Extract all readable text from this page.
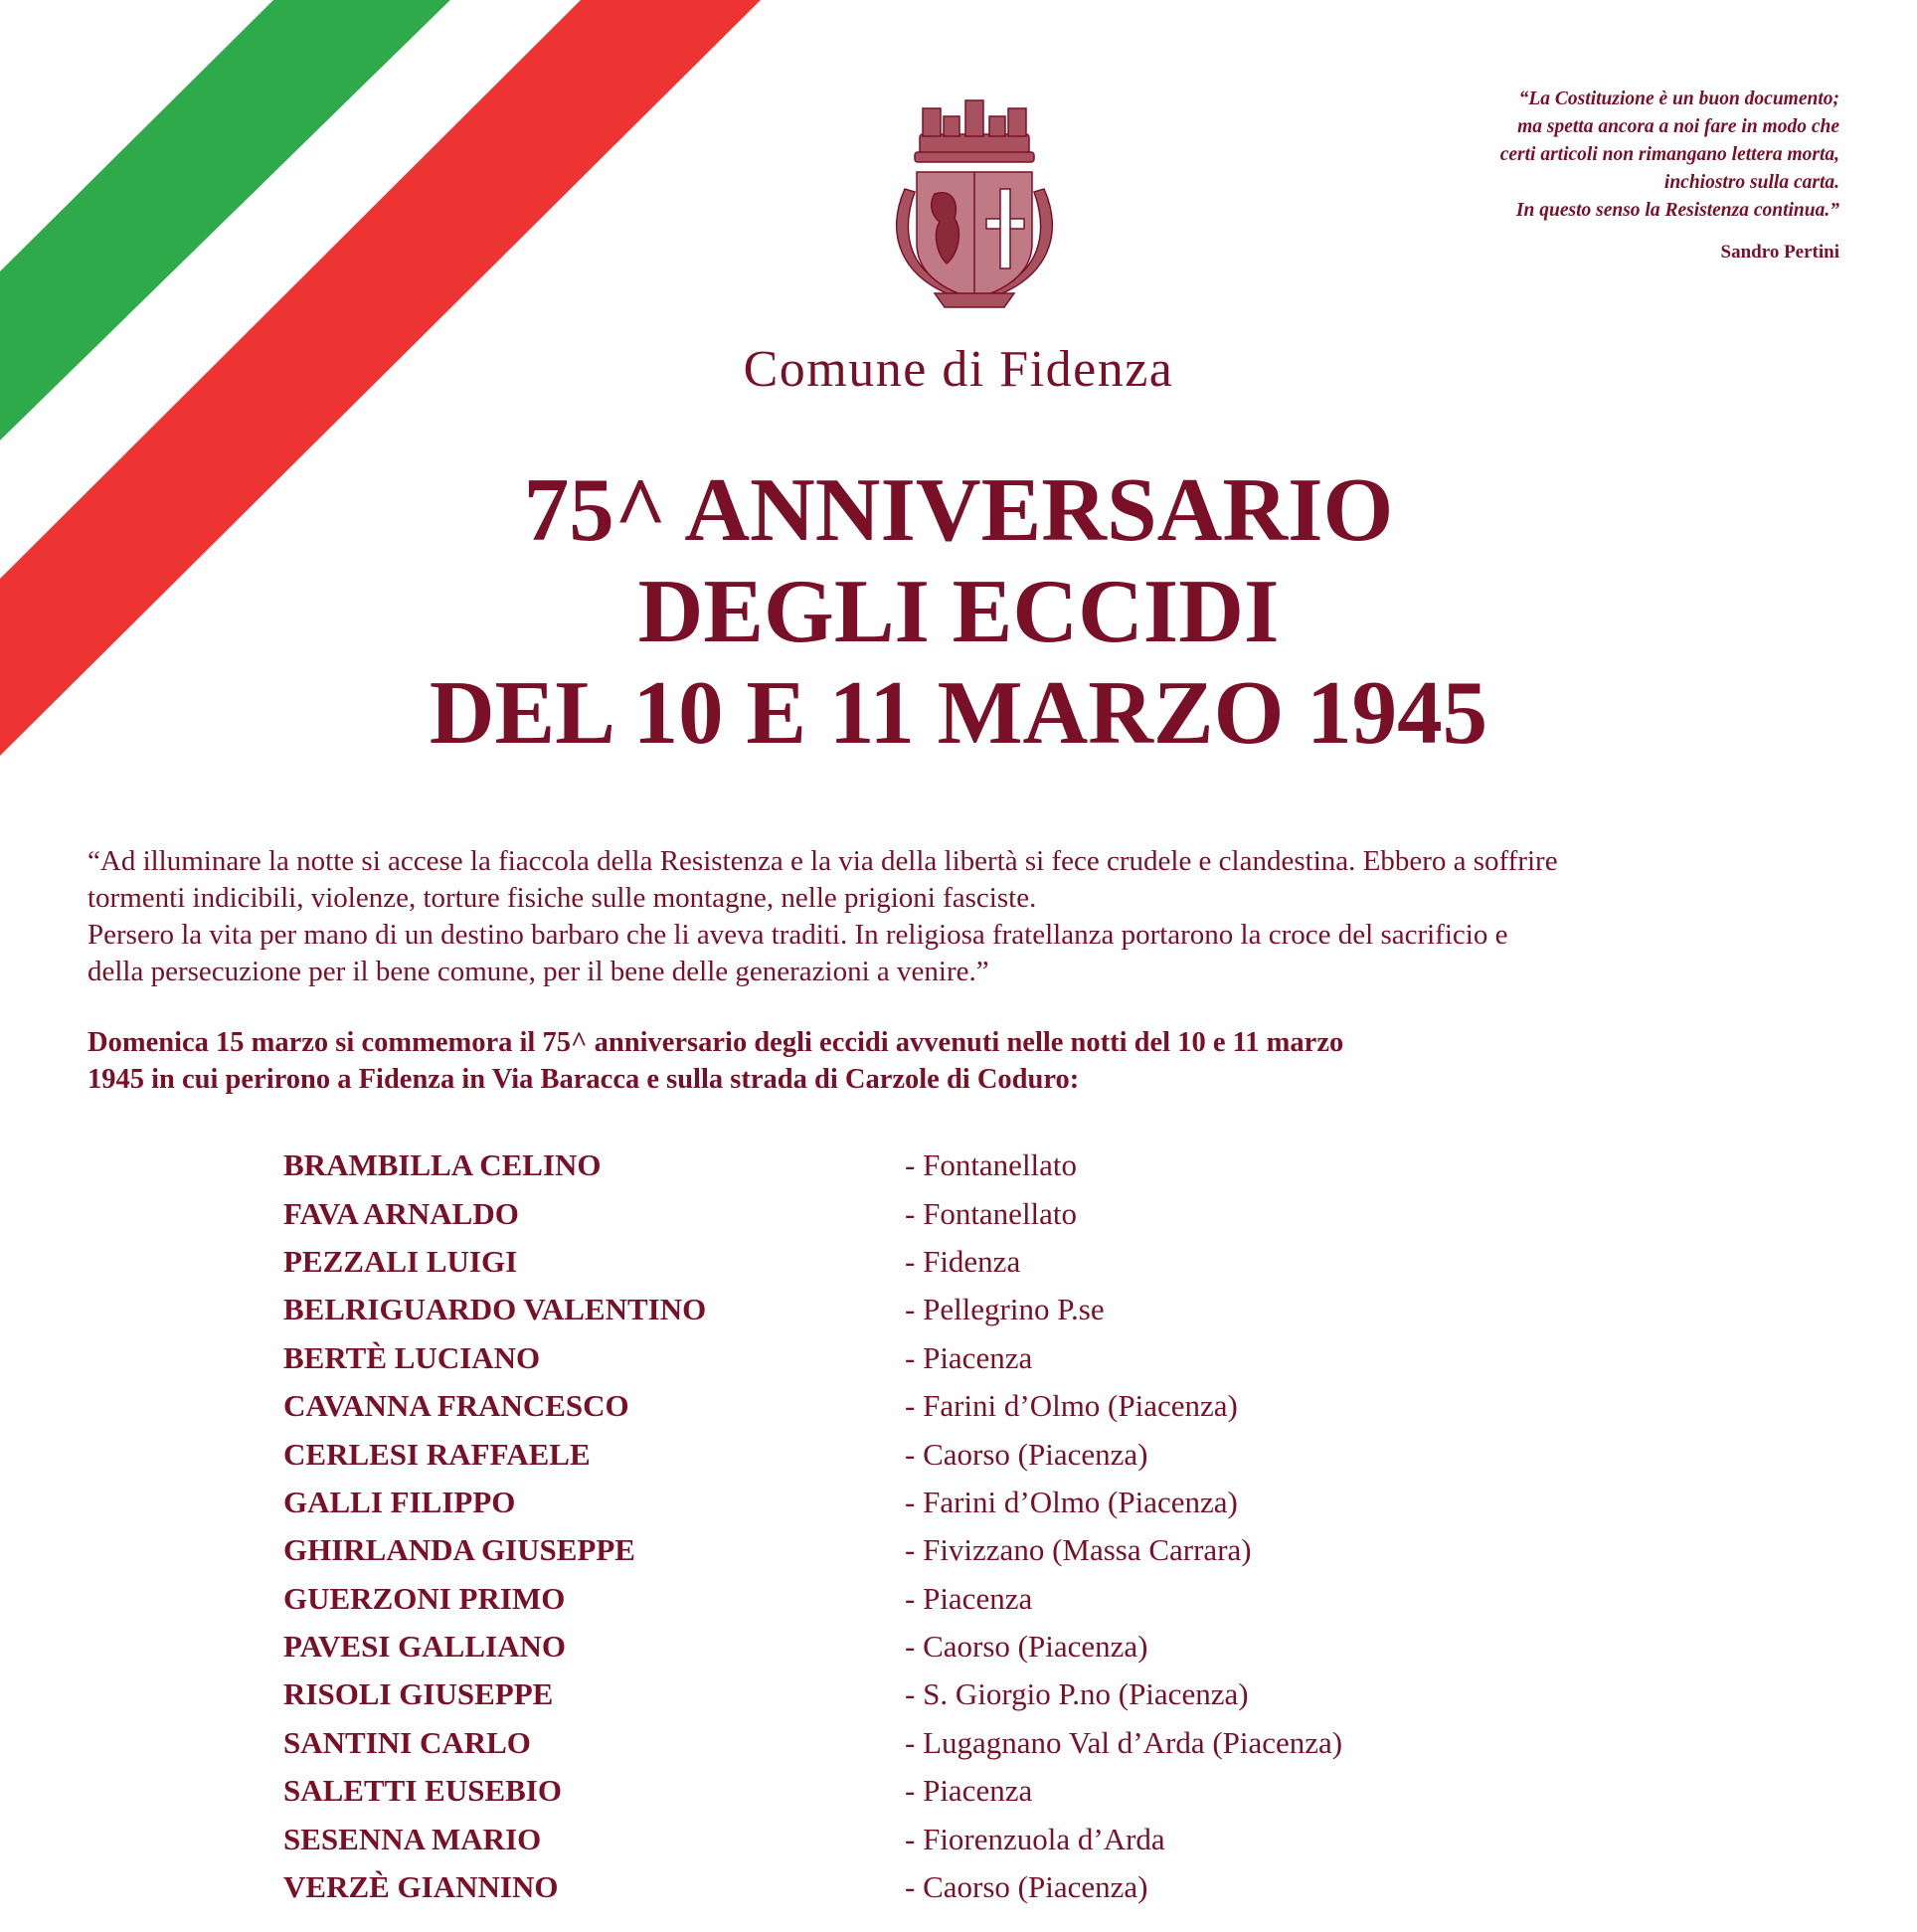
“La Costituzione è un buon documento;
ma spetta ancora a noi fare in modo che
certi articoli non rimangano lettera morta,
inchiostro sulla carta.
In questo senso la Resistenza continua.”
Sandro Pertini
Comune di Fidenza
75^ ANNIVERSARIO
DEGLI ECCIDI
DEL 10 E 11 MARZO 1945
“Ad illuminare la notte si accese la fiaccola della Resistenza e la via della libertà si fece crudele e clandestina. Ebbero a soffrire
tormenti indicibili, violenze, torture fisiche sulle montagne, nelle prigioni fasciste.
Persero la vita per mano di un destino barbaro che li aveva traditi. In religiosa fratellanza portarono la croce del sacrificio e
della persecuzione per il bene comune, per il bene delle generazioni a venire.”
Domenica 15 marzo si commemora il 75^ anniversario degli eccidi avvenuti nelle notti del 10 e 11 marzo
1945 in cui perirono a Fidenza in Via Baracca e sulla strada di Carzole di Coduro:
BRAMBILLA CELINO	- Fontanellato
FAVA ARNALDO	- Fontanellato
PEZZALI LUIGI	- Fidenza
BELRIGUARDO VALENTINO	- Pellegrino P.se
BERTÈ LUCIANO	- Piacenza
CAVANNA FRANCESCO	- Farini d’Olmo (Piacenza)
CERLESI RAFFAELE	- Caorso (Piacenza)
GALLI FILIPPO	- Farini d’Olmo (Piacenza)
GHIRLANDA GIUSEPPE	- Fivizzano (Massa Carrara)
GUERZONI PRIMO	- Piacenza
PAVESI GALLIANO	- Caorso (Piacenza)
RISOLI GIUSEPPE	- S. Giorgio P.no (Piacenza)
SANTINI CARLO	- Lugagnano Val d’Arda (Piacenza)
SALETTI EUSEBIO	- Piacenza
SESENNA MARIO	- Fiorenzuola d’Arda
VERZÈ GIANNINO	- Caorso (Piacenza)
